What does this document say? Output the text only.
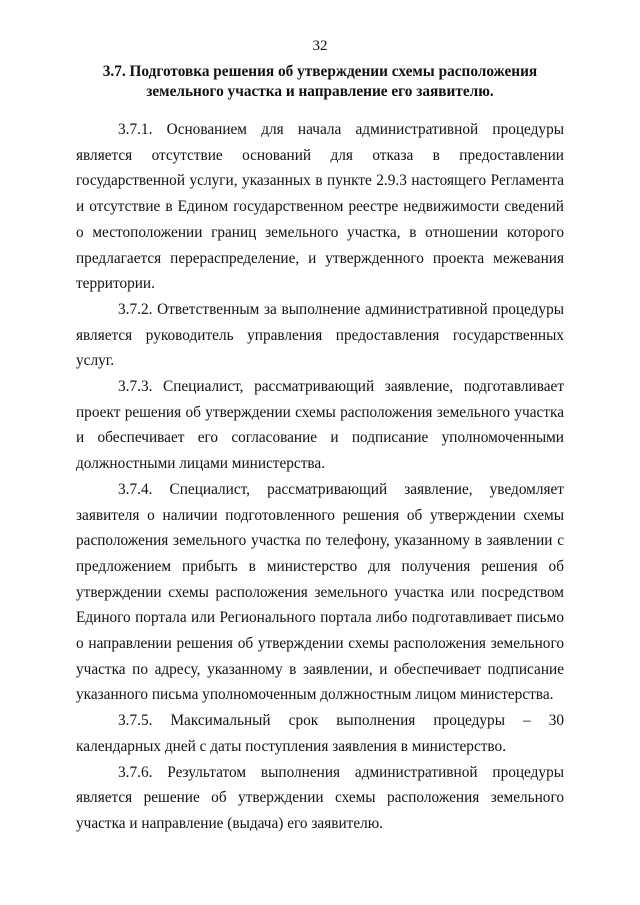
32
3.7. Подготовка решения об утверждении схемы расположения земельного участка и направление его заявителю.

3.7.1. Основанием для начала административной процедуры является отсутствие оснований для отказа в предоставлении государственной услуги, указанных в пункте 2.9.3 настоящего Регламента и отсутствие в Едином государственном реестре недвижимости сведений о местоположении границ земельного участка, в отношении которого предлагается перераспределение, и утвержденного проекта межевания территории.

3.7.2. Ответственным за выполнение административной процедуры является руководитель управления предоставления государственных услуг.

3.7.3. Специалист, рассматривающий заявление, подготавливает проект решения об утверждении схемы расположения земельного участка и обеспечивает его согласование и подписание уполномоченными должностными лицами министерства.

3.7.4. Специалист, рассматривающий заявление, уведомляет заявителя о наличии подготовленного решения об утверждении схемы расположения земельного участка по телефону, указанному в заявлении с предложением прибыть в министерство для получения решения об утверждении схемы расположения земельного участка или посредством Единого портала или Регионального портала либо подготавливает письмо о направлении решения об утверждении схемы расположения земельного участка по адресу, указанному в заявлении, и обеспечивает подписание указанного письма уполномоченным должностным лицом министерства.

3.7.5. Максимальный срок выполнения процедуры – 30 календарных дней с даты поступления заявления в министерство.

3.7.6. Результатом выполнения административной процедуры является решение об утверждении схемы расположения земельного участка и направление (выдача) его заявителю.
